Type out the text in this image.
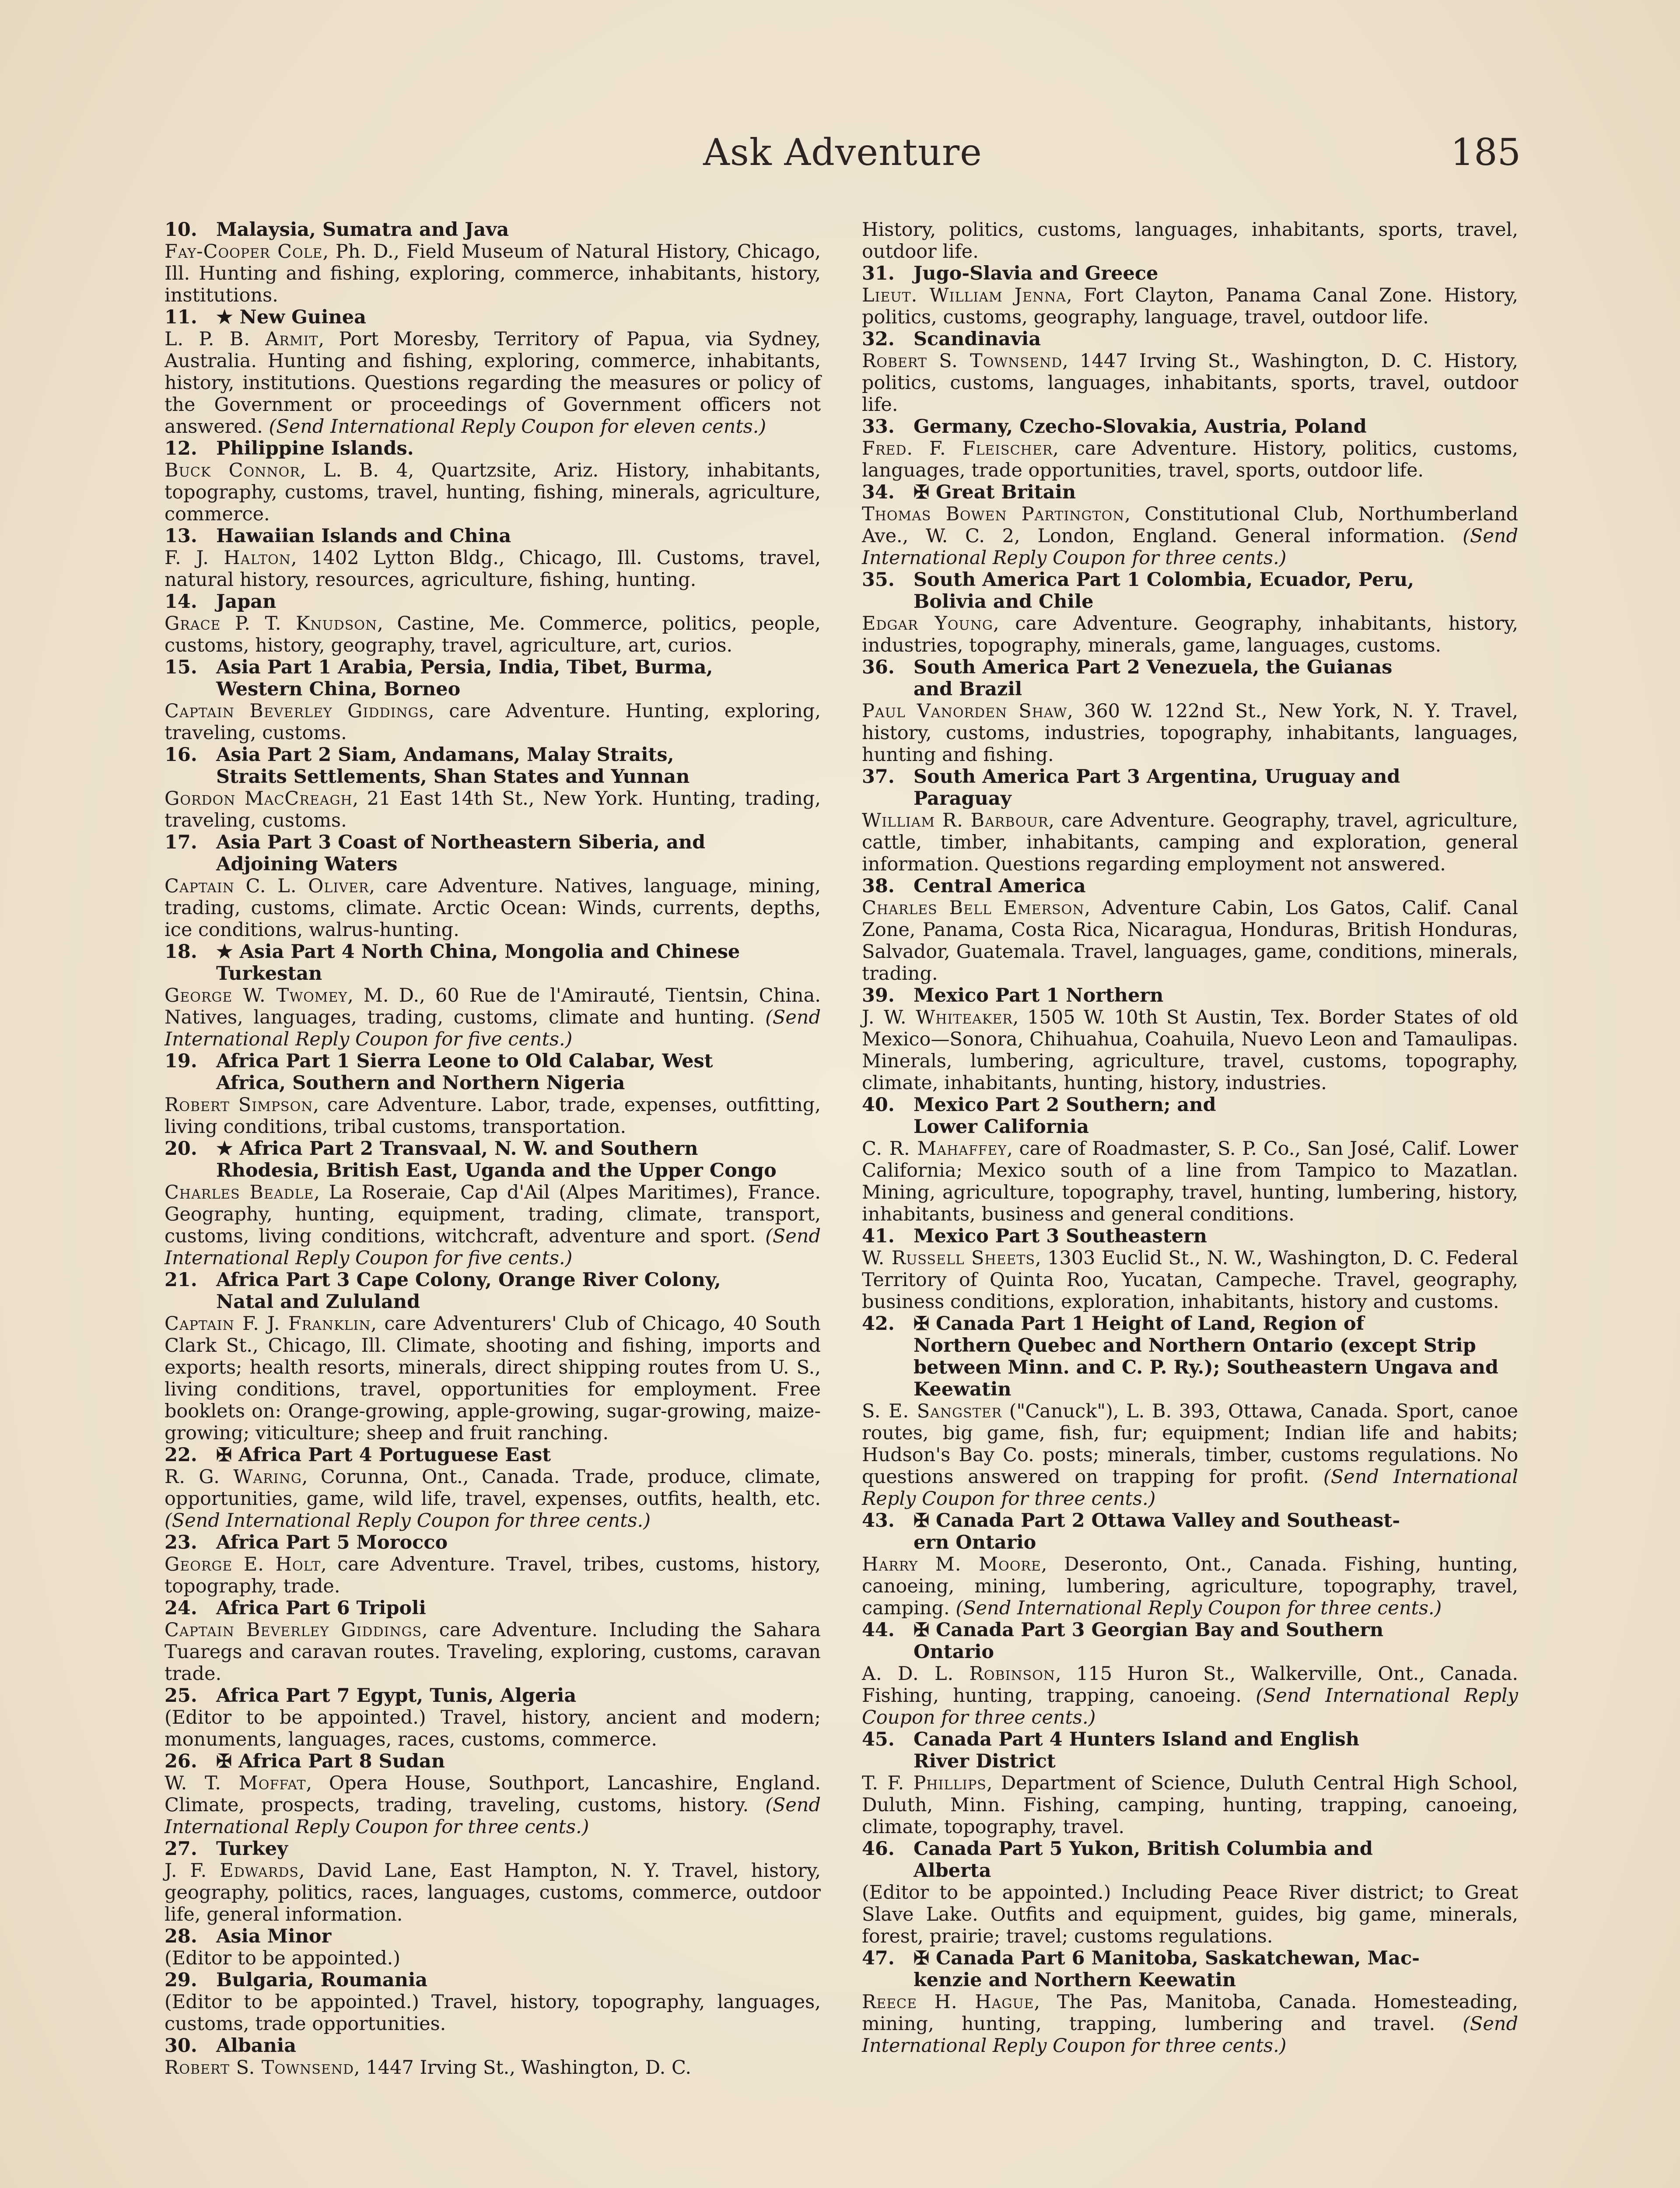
Ask Adventure	185
10. Malaysia, Sumatra and Java
Fay-Cooper Cole, Ph. D., Field Museum of Natural History, Chicago, Ill. Hunting and fishing, exploring, commerce, inhabitants, history, institutions.
11. ★ New Guinea
L. P. B. Armit, Port Moresby, Territory of Papua, via Sydney, Australia. Hunting and fishing, exploring, commerce, inhabitants, history, institutions. Questions regarding the measures or policy of the Government or proceedings of Government officers not answered. (Send International Reply Coupon for eleven cents.)
12. Philippine Islands.
Buck Connor, L. B. 4, Quartzsite, Ariz. History, inhabitants, topography, customs, travel, hunting, fishing, minerals, agriculture, commerce.
13. Hawaiian Islands and China
F. J. Halton, 1402 Lytton Bldg., Chicago, Ill. Customs, travel, natural history, resources, agriculture, fishing, hunting.
14. Japan
Grace P. T. Knudson, Castine, Me. Commerce, politics, people, customs, history, geography, travel, agriculture, art, curios.
15. Asia Part 1 Arabia, Persia, India, Tibet, Burma,
Western China, Borneo
Captain Beverley Giddings, care Adventure. Hunting, exploring, traveling, customs.
16. Asia Part 2 Siam, Andamans, Malay Straits,
Straits Settlements, Shan States and Yunnan
Gordon MacCreagh, 21 East 14th St., New York. Hunting, trading, traveling, customs.
17. Asia Part 3 Coast of Northeastern Siberia, and
Adjoining Waters
Captain C. L. Oliver, care Adventure. Natives, language, mining, trading, customs, climate. Arctic Ocean: Winds, currents, depths, ice conditions, walrus-hunting.
18. ★ Asia Part 4 North China, Mongolia and Chinese
Turkestan
George W. Twomey, M. D., 60 Rue de l'Amirauté, Tientsin, China. Natives, languages, trading, customs, climate and hunting. (Send International Reply Coupon for five cents.)
19. Africa Part 1 Sierra Leone to Old Calabar, West
Africa, Southern and Northern Nigeria
Robert Simpson, care Adventure. Labor, trade, expenses, outfitting, living conditions, tribal customs, transportation.
20. ★ Africa Part 2 Transvaal, N. W. and Southern
Rhodesia, British East, Uganda and the Upper Congo
Charles Beadle, La Roseraie, Cap d'Ail (Alpes Maritimes), France. Geography, hunting, equipment, trading, climate, transport, customs, living conditions, witchcraft, adventure and sport. (Send International Reply Coupon for five cents.)
21. Africa Part 3 Cape Colony, Orange River Colony,
Natal and Zululand
Captain F. J. Franklin, care Adventurers' Club of Chicago, 40 South Clark St., Chicago, Ill. Climate, shooting and fishing, imports and exports; health resorts, minerals, direct shipping routes from U. S., living conditions, travel, opportunities for employment. Free booklets on: Orange-growing, apple-growing, sugar-growing, maize-growing; viticulture; sheep and fruit ranching.
22. ✠ Africa Part 4 Portuguese East
R. G. Waring, Corunna, Ont., Canada. Trade, produce, climate, opportunities, game, wild life, travel, expenses, outfits, health, etc. (Send International Reply Coupon for three cents.)
23. Africa Part 5 Morocco
George E. Holt, care Adventure. Travel, tribes, customs, history, topography, trade.
24. Africa Part 6 Tripoli
Captain Beverley Giddings, care Adventure. Including the Sahara Tuaregs and caravan routes. Traveling, exploring, customs, caravan trade.
25. Africa Part 7 Egypt, Tunis, Algeria
(Editor to be appointed.) Travel, history, ancient and modern; monuments, languages, races, customs, commerce.
26. ✠ Africa Part 8 Sudan
W. T. Moffat, Opera House, Southport, Lancashire, England. Climate, prospects, trading, traveling, customs, history. (Send International Reply Coupon for three cents.)
27. Turkey
J. F. Edwards, David Lane, East Hampton, N. Y. Travel, history, geography, politics, races, languages, customs, commerce, outdoor life, general information.
28. Asia Minor
(Editor to be appointed.)
29. Bulgaria, Roumania
(Editor to be appointed.) Travel, history, topography, languages, customs, trade opportunities.
30. Albania
Robert S. Townsend, 1447 Irving St., Washington, D. C.
History, politics, customs, languages, inhabitants, sports, travel, outdoor life.
31. Jugo-Slavia and Greece
Lieut. William Jenna, Fort Clayton, Panama Canal Zone. History, politics, customs, geography, language, travel, outdoor life.
32. Scandinavia
Robert S. Townsend, 1447 Irving St., Washington, D. C. History, politics, customs, languages, inhabitants, sports, travel, outdoor life.
33. Germany, Czecho-Slovakia, Austria, Poland
Fred. F. Fleischer, care Adventure. History, politics, customs, languages, trade opportunities, travel, sports, outdoor life.
34. ✠ Great Britain
Thomas Bowen Partington, Constitutional Club, Northumberland Ave., W. C. 2, London, England. General information. (Send International Reply Coupon for three cents.)
35. South America Part 1 Colombia, Ecuador, Peru,
Bolivia and Chile
Edgar Young, care Adventure. Geography, inhabitants, history, industries, topography, minerals, game, languages, customs.
36. South America Part 2 Venezuela, the Guianas
and Brazil
Paul Vanorden Shaw, 360 W. 122nd St., New York, N. Y. Travel, history, customs, industries, topography, inhabitants, languages, hunting and fishing.
37. South America Part 3 Argentina, Uruguay and
Paraguay
William R. Barbour, care Adventure. Geography, travel, agriculture, cattle, timber, inhabitants, camping and exploration, general information. Questions regarding employment not answered.
38. Central America
Charles Bell Emerson, Adventure Cabin, Los Gatos, Calif. Canal Zone, Panama, Costa Rica, Nicaragua, Honduras, British Honduras, Salvador, Guatemala. Travel, languages, game, conditions, minerals, trading.
39. Mexico Part 1 Northern
J. W. Whiteaker, 1505 W. 10th St Austin, Tex. Border States of old Mexico—Sonora, Chihuahua, Coahuila, Nuevo Leon and Tamaulipas. Minerals, lumbering, agriculture, travel, customs, topography, climate, inhabitants, hunting, history, industries.
40. Mexico Part 2 Southern; and
Lower California
C. R. Mahaffey, care of Roadmaster, S. P. Co., San José, Calif. Lower California; Mexico south of a line from Tampico to Mazatlan. Mining, agriculture, topography, travel, hunting, lumbering, history, inhabitants, business and general conditions.
41. Mexico Part 3 Southeastern
W. Russell Sheets, 1303 Euclid St., N. W., Washington, D. C. Federal Territory of Quinta Roo, Yucatan, Campeche. Travel, geography, business conditions, exploration, inhabitants, history and customs.
42. ✠ Canada Part 1 Height of Land, Region of
Northern Quebec and Northern Ontario (except Strip between Minn. and C. P. Ry.); Southeastern Ungava and Keewatin
S. E. Sangster ("Canuck"), L. B. 393, Ottawa, Canada. Sport, canoe routes, big game, fish, fur; equipment; Indian life and habits; Hudson's Bay Co. posts; minerals, timber, customs regulations. No questions answered on trapping for profit. (Send International Reply Coupon for three cents.)
43. ✠ Canada Part 2 Ottawa Valley and Southeast-
ern Ontario
Harry M. Moore, Deseronto, Ont., Canada. Fishing, hunting, canoeing, mining, lumbering, agriculture, topography, travel, camping. (Send International Reply Coupon for three cents.)
44. ✠ Canada Part 3 Georgian Bay and Southern
Ontario
A. D. L. Robinson, 115 Huron St., Walkerville, Ont., Canada. Fishing, hunting, trapping, canoeing. (Send International Reply Coupon for three cents.)
45. Canada Part 4 Hunters Island and English
River District
T. F. Phillips, Department of Science, Duluth Central High School, Duluth, Minn. Fishing, camping, hunting, trapping, canoeing, climate, topography, travel.
46. Canada Part 5 Yukon, British Columbia and
Alberta
(Editor to be appointed.) Including Peace River district; to Great Slave Lake. Outfits and equipment, guides, big game, minerals, forest, prairie; travel; customs regulations.
47. ✠ Canada Part 6 Manitoba, Saskatchewan, Mac-
kenzie and Northern Keewatin
Reece H. Hague, The Pas, Manitoba, Canada. Homesteading, mining, hunting, trapping, lumbering and travel. (Send International Reply Coupon for three cents.)
